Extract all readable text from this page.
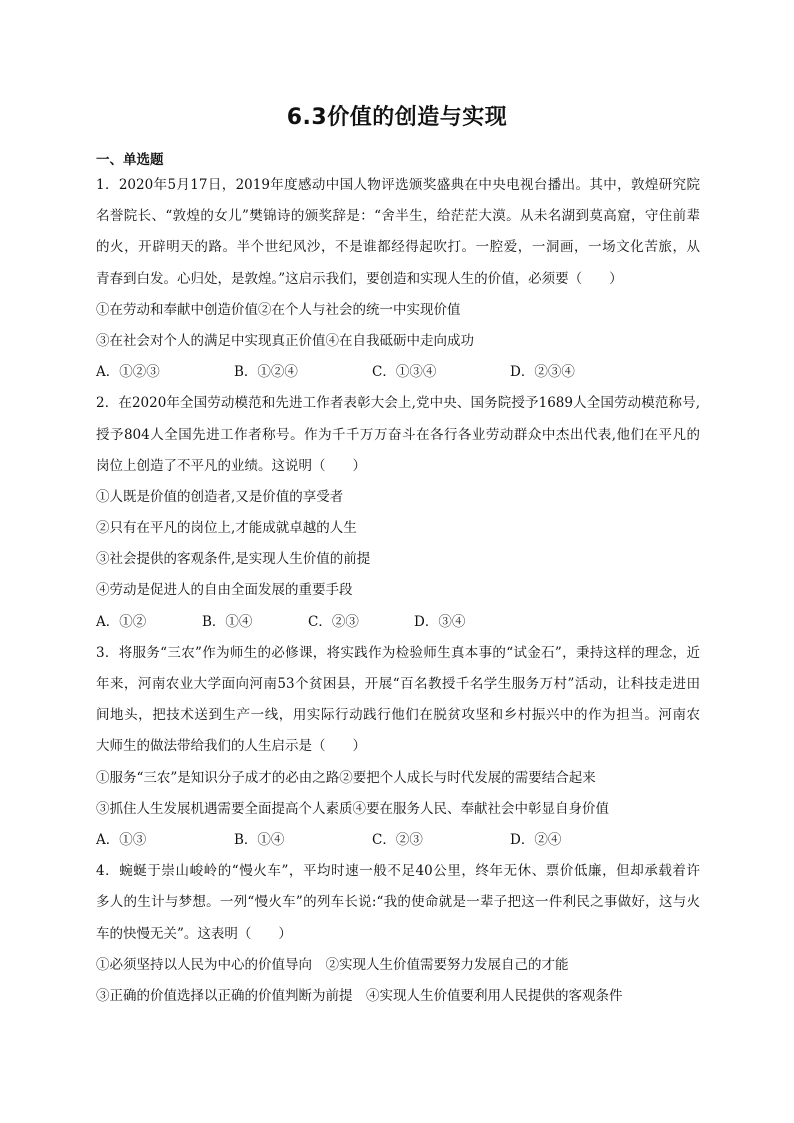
6.3价值的创造与实现
一、单选题
1．2020年5月17日，2019年度感动中国人物评选颁奖盛典在中央电视台播出。其中，敦煌研究院
名誉院长、“敦煌的女儿”樊锦诗的颁奖辞是：“舍半生，给茫茫大漠。从未名湖到莫高窟，守住前辈
的火，开辟明天的路。半个世纪风沙，不是谁都经得起吹打。一腔爱，一洞画，一场文化苦旅，从
青春到白发。心归处，是敦煌。”这启示我们，要创造和实现人生的价值，必须要（　　）
①在劳动和奉献中创造价值②在个人与社会的统一中实现价值
③在社会对个人的满足中实现真正价值④在自我砥砺中走向成功
A．①②③	B．①②④	C．①③④	D．②③④
2．在2020年全国劳动模范和先进工作者表彰大会上,党中央、国务院授予1689人全国劳动模范称号,
授予804人全国先进工作者称号。作为千千万万奋斗在各行各业劳动群众中杰出代表,他们在平凡的
岗位上创造了不平凡的业绩。这说明（　　）
①人既是价值的创造者,又是价值的享受者
②只有在平凡的岗位上,才能成就卓越的人生
③社会提供的客观条件,是实现人生价值的前提
④劳动是促进人的自由全面发展的重要手段
A．①②	B．①④	C．②③	D．③④
3．将服务“三农”作为师生的必修课，将实践作为检验师生真本事的“试金石”，秉持这样的理念，近
年来，河南农业大学面向河南53个贫困县，开展“百名教授千名学生服务万村”活动，让科技走进田
间地头，把技术送到生产一线，用实际行动践行他们在脱贫攻坚和乡村振兴中的作为担当。河南农
大师生的做法带给我们的人生启示是（　　）
①服务“三农”是知识分子成才的必由之路②要把个人成长与时代发展的需要结合起来
③抓住人生发展机遇需要全面提高个人素质④要在服务人民、奉献社会中彰显自身价值
A．①③	B．①④	C．②③	D．②④
4．蜿蜒于崇山峻岭的“慢火车”，平均时速一般不足40公里，终年无休、票价低廉，但却承载着许
多人的生计与梦想。一列“慢火车”的列车长说:“我的使命就是一辈子把这一件利民之事做好，这与火
车的快慢无关”。这表明（　　）
①必须坚持以人民为中心的价值导向　②实现人生价值需要努力发展自己的才能
③正确的价值选择以正确的价值判断为前提　④实现人生价值要利用人民提供的客观条件
